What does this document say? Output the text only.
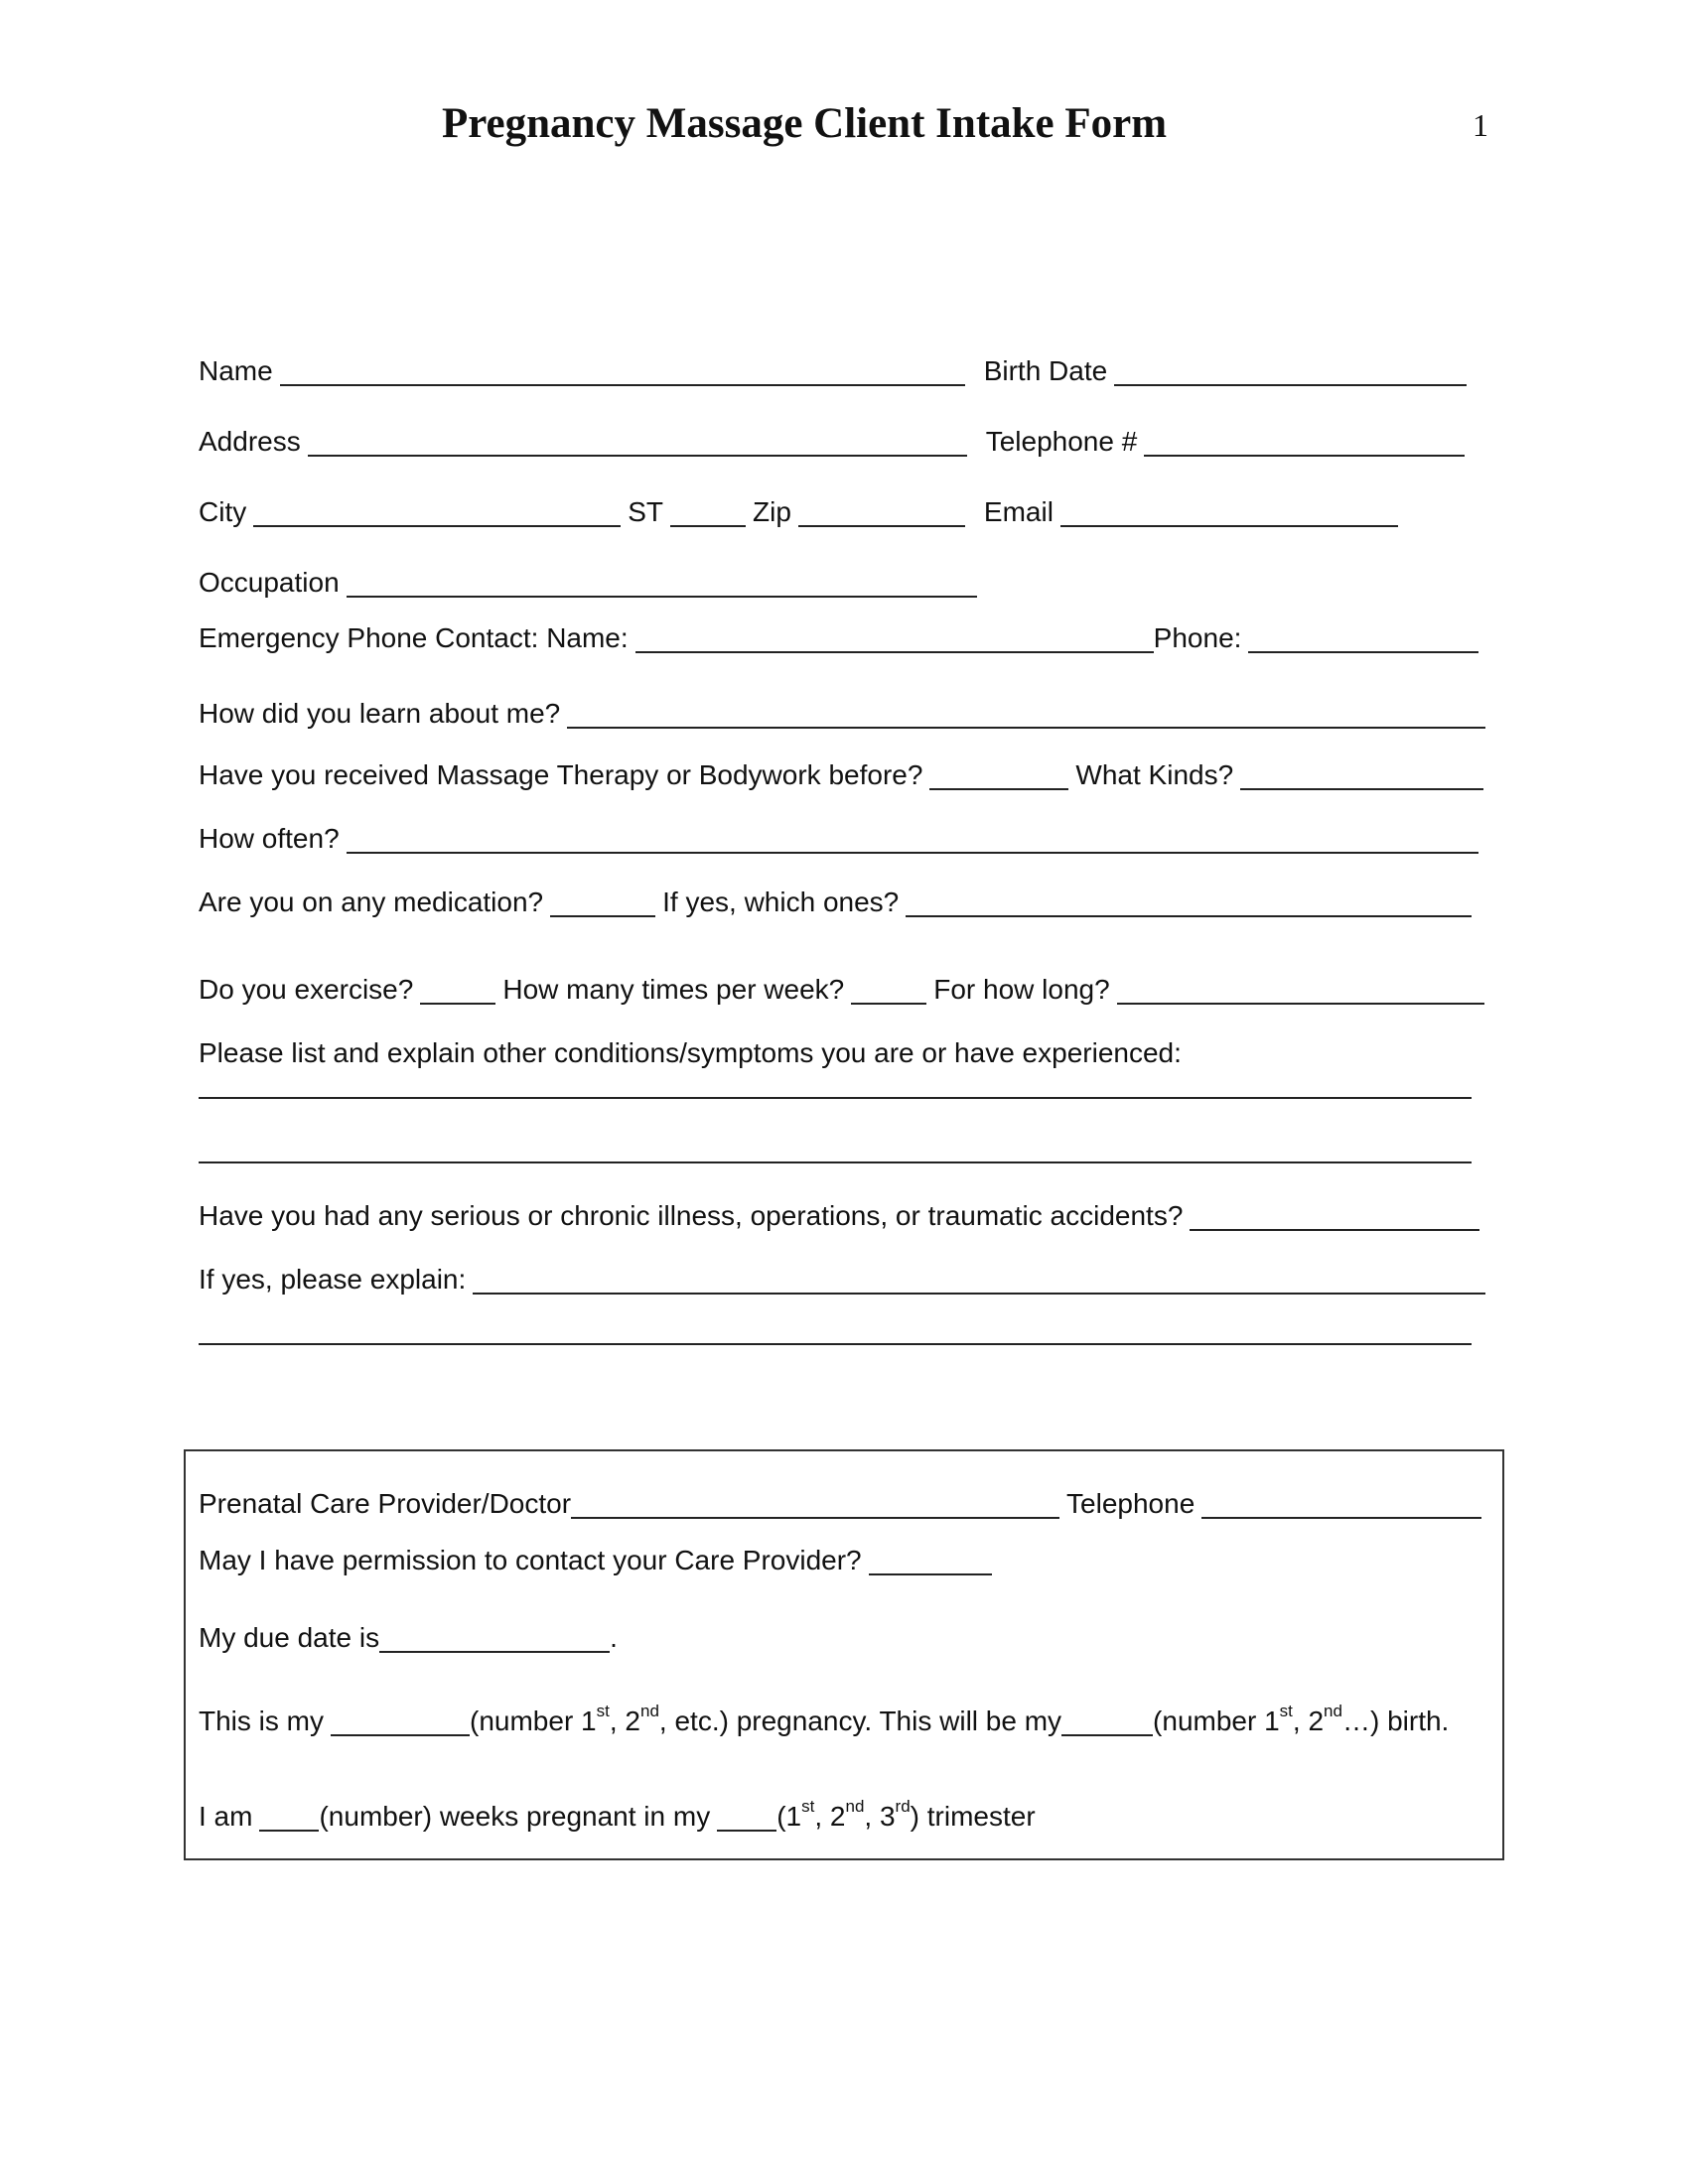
Pregnancy Massage Client Intake Form	1
Name	Birth Date
Address	Telephone #
City	ST	Zip	Email
Occupation
Emergency Phone Contact: Name:	Phone:
How did you learn about me?
Have you received Massage Therapy or Bodywork before?	What Kinds?
How often?
Are you on any medication?	If yes, which ones?
Do you exercise?	How many times per week?	For how long?
Please list and explain other conditions/symptoms you are or have experienced:
Have you had any serious or chronic illness, operations, or traumatic accidents?
If yes, please explain:
Prenatal Care Provider/Doctor	Telephone
May I have permission to contact your Care Provider?
My due date is	.
This is my	(number 1st, 2nd, etc.) pregnancy. This will be my	(number 1st, 2nd…) birth.
I am (number) weeks pregnant in my (1st, 2nd, 3rd) trimester
